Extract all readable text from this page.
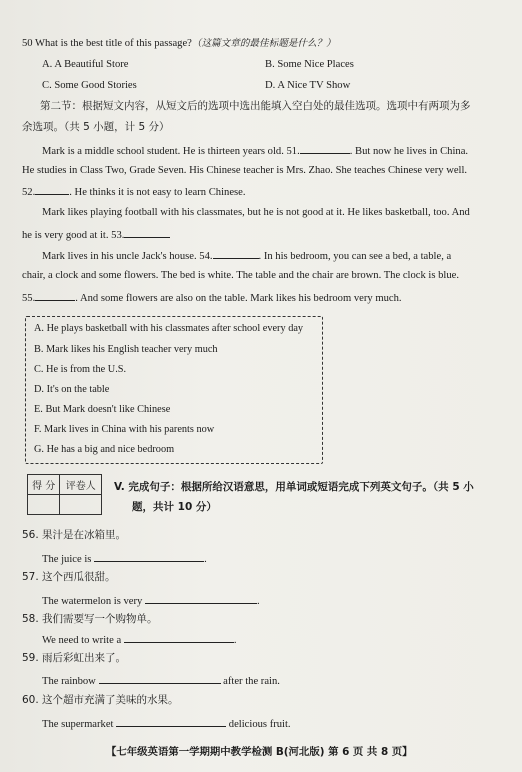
50 What is the best title of this passage?（这篇文章的最佳标题是什么？）
A. A Beautiful Store	B. Some Nice Places
C. Some Good Stories	D. A Nice TV Show
第二节：根据短文内容，从短文后的选项中选出能填入空白处的最佳选项。选项中有两项为多
余选项。（共 5 小题，计 5 分）
Mark is a middle school student. He is thirteen years old. 51.	. But now he lives in China.
He studies in Class Two, Grade Seven. His Chinese teacher is Mrs. Zhao. She teaches Chinese very well.
52.	. He thinks it is not easy to learn Chinese.
Mark likes playing football with his classmates, but he is not good at it. He likes basketball, too. And
he is very good at it. 53.
Mark lives in his uncle Jack's house. 54.	. In his bedroom, you can see a bed, a table, a
chair, a clock and some flowers. The bed is white. The table and the chair are brown. The clock is blue.
55.	. And some flowers are also on the table. Mark likes his bedroom very much.
A. He plays basketball with his classmates after school every day
B. Mark likes his English teacher very much
C. He is from the U.S.
D. It's on the table
E. But Mark doesn't like Chinese
F. Mark lives in China with his parents now
G. He has a big and nice bedroom
得 分	评卷人
	V. 完成句子：根据所给汉语意思，用单词或短语完成下列英文句子。（共 5 小
题，共计 10 分）
56. 果汁是在冰箱里。
The juice is	.
57. 这个西瓜很甜。
The watermelon is very	.
58. 我们需要写一个购物单。
We need to write a	.
59. 雨后彩虹出来了。
The rainbow	after the rain.
60. 这个超市充满了美味的水果。
The supermarket	delicious fruit.
【七年级英语第一学期期中教学检测 B(河北版) 第 6 页 共 8 页】
